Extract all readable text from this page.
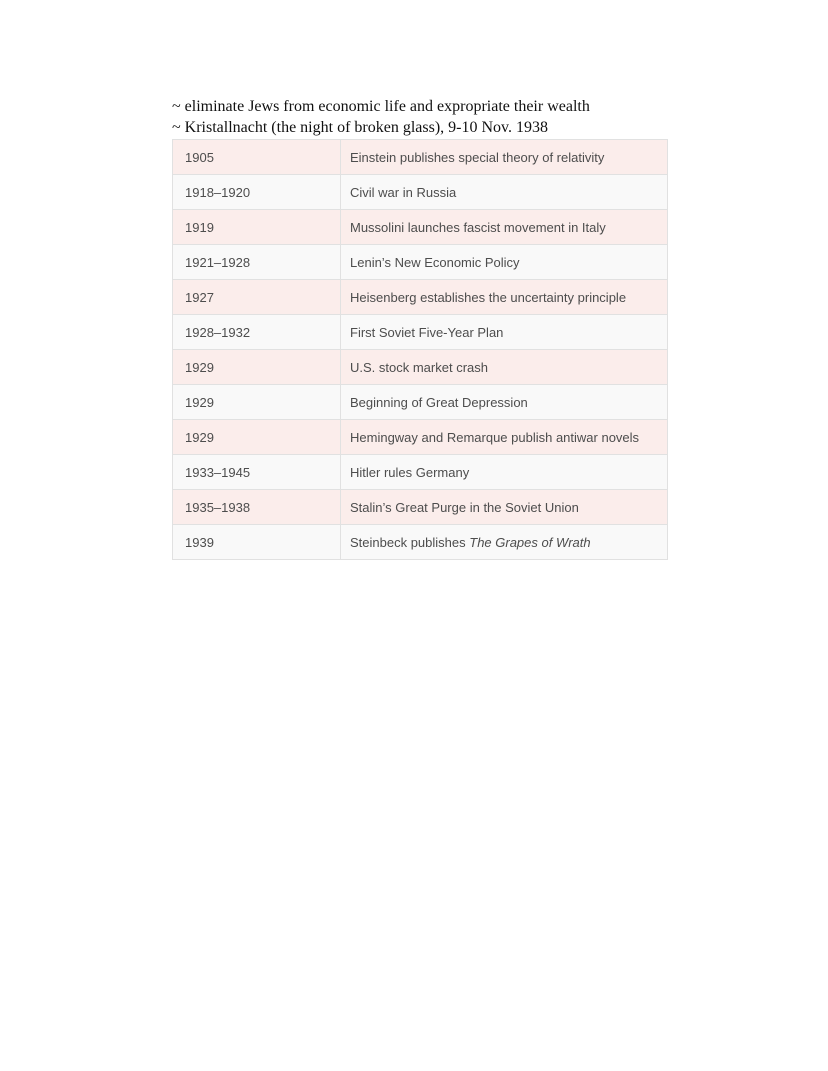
~ eliminate Jews from economic life and expropriate their wealth
~ Kristallnacht (the night of broken glass), 9-10 Nov. 1938
1905	Einstein publishes special theory of relativity
1918–1920	Civil war in Russia
1919	Mussolini launches fascist movement in Italy
1921–1928	Lenin’s New Economic Policy
1927	Heisenberg establishes the uncertainty principle
1928–1932	First Soviet Five-Year Plan
1929	U.S. stock market crash
1929	Beginning of Great Depression
1929	Hemingway and Remarque publish antiwar novels
1933–1945	Hitler rules Germany
1935–1938	Stalin’s Great Purge in the Soviet Union
1939	Steinbeck publishes The Grapes of Wrath
